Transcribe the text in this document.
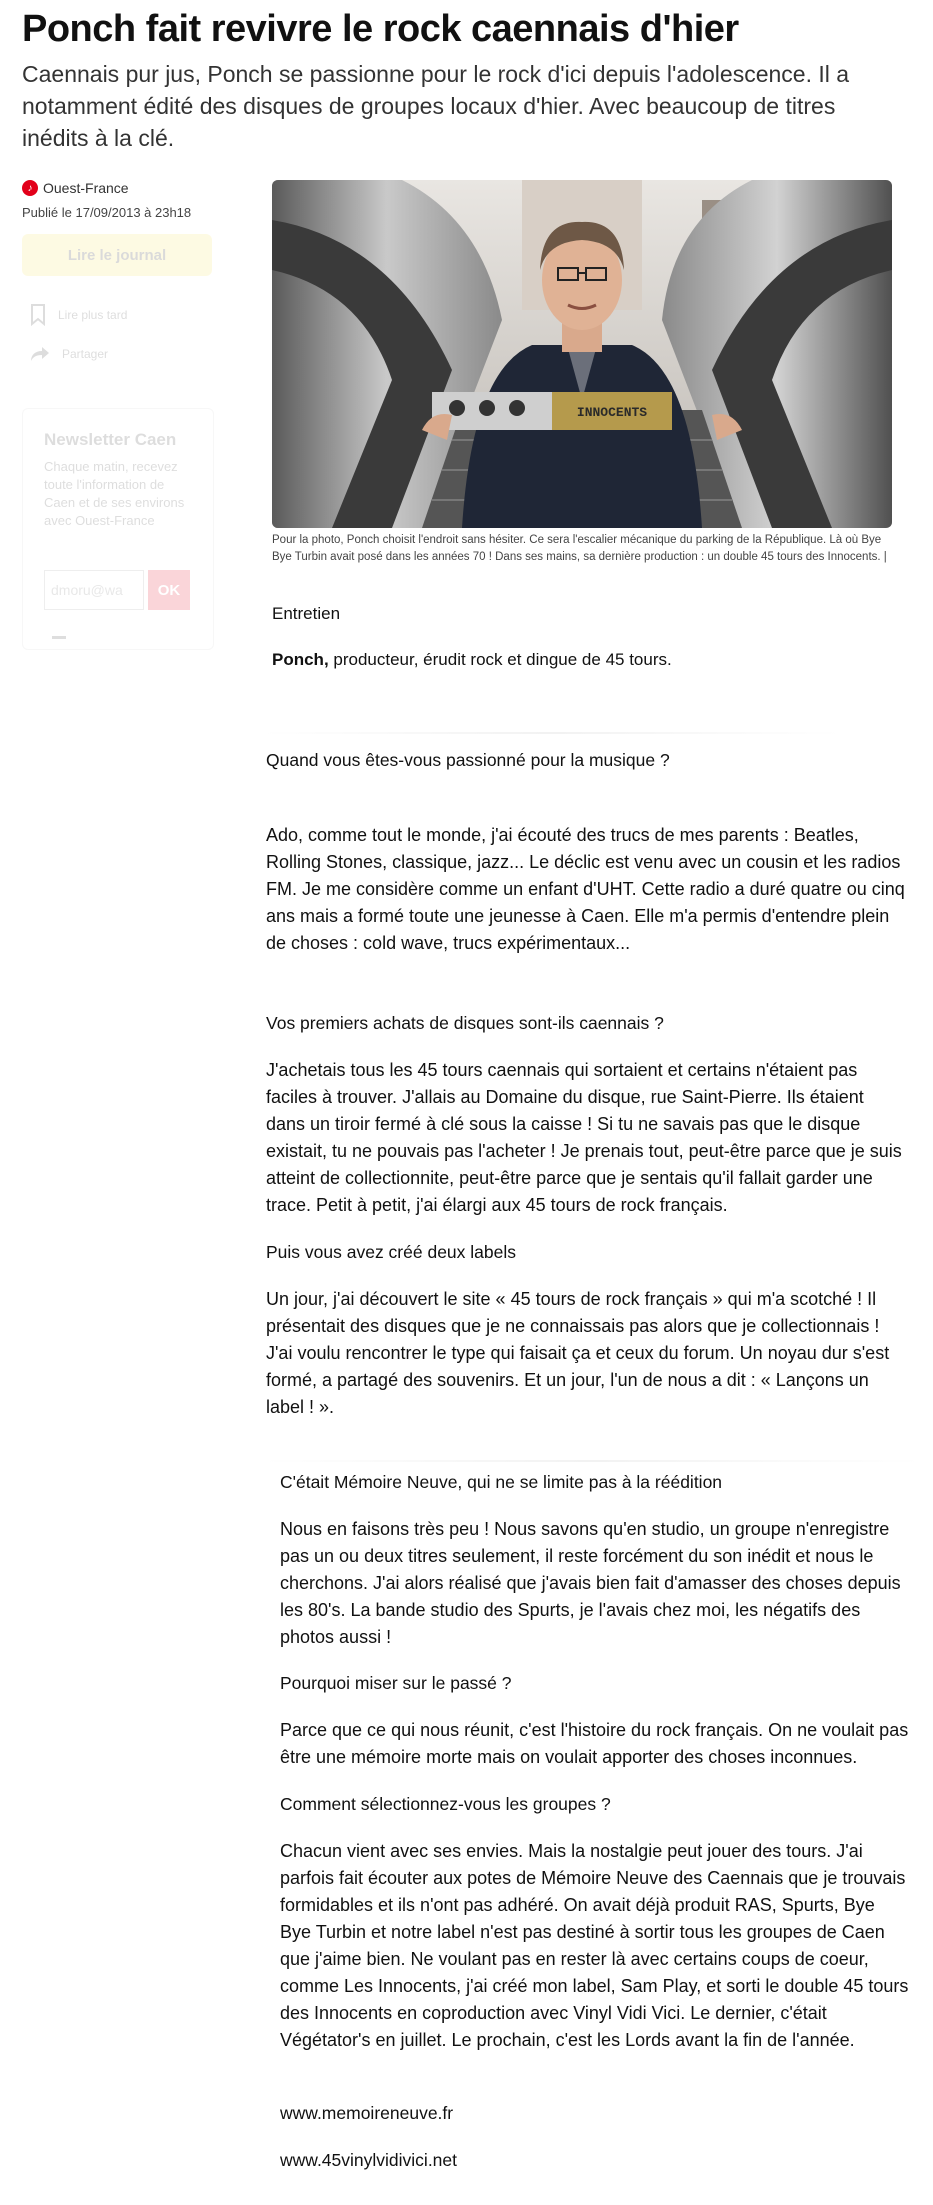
Ponch fait revivre le rock caennais d'hier

Caennais pur jus, Ponch se passionne pour le rock d'ici depuis l'adolescence. Il a notamment édité des disques de groupes locaux d'hier. Avec beaucoup de titres inédits à la clé.

♪ Ouest-France
Publié le 17/09/2013 à 23h18
Lire le journal
Lire plus tard
Partager
Newsletter Caen
Chaque matin, recevez toute l'information de Caen et de ses environs avec Ouest-France
dmoru@wa
OK
INNOCENTS

Pour la photo, Ponch choisit l'endroit sans hésiter. Ce sera l'escalier mécanique du parking de la République. Là où Bye Bye Turbin avait posé dans les années 70 ! Dans ses mains, sa dernière production : un double 45 tours des Innocents. |

Entretien
Ponch, producteur, érudit rock et dingue de 45 tours.

Quand vous êtes-vous passionné pour la musique ?

Ado, comme tout le monde, j'ai écouté des trucs de mes parents : Beatles, Rolling Stones, classique, jazz... Le déclic est venu avec un cousin et les radios FM. Je me considère comme un enfant d'UHT. Cette radio a duré quatre ou cinq ans mais a formé toute une jeunesse à Caen. Elle m'a permis d'entendre plein de choses : cold wave, trucs expérimentaux...

Vos premiers achats de disques sont-ils caennais ?

J'achetais tous les 45 tours caennais qui sortaient et certains n'étaient pas faciles à trouver. J'allais au Domaine du disque, rue Saint-Pierre. Ils étaient dans un tiroir fermé à clé sous la caisse ! Si tu ne savais pas que le disque existait, tu ne pouvais pas l'acheter ! Je prenais tout, peut-être parce que je suis atteint de collectionnite, peut-être parce que je sentais qu'il fallait garder une trace. Petit à petit, j'ai élargi aux 45 tours de rock français.

Puis vous avez créé deux labels

Un jour, j'ai découvert le site « 45 tours de rock français » qui m'a scotché ! Il présentait des disques que je ne connaissais pas alors que je collectionnais ! J'ai voulu rencontrer le type qui faisait ça et ceux du forum. Un noyau dur s'est formé, a partagé des souvenirs. Et un jour, l'un de nous a dit : « Lançons un label ! ».

C'était Mémoire Neuve, qui ne se limite pas à la réédition

Nous en faisons très peu ! Nous savons qu'en studio, un groupe n'enregistre pas un ou deux titres seulement, il reste forcément du son inédit et nous le cherchons. J'ai alors réalisé que j'avais bien fait d'amasser des choses depuis les 80's. La bande studio des Spurts, je l'avais chez moi, les négatifs des photos aussi !

Pourquoi miser sur le passé ?

Parce que ce qui nous réunit, c'est l'histoire du rock français. On ne voulait pas être une mémoire morte mais on voulait apporter des choses inconnues.

Comment sélectionnez-vous les groupes ?

Chacun vient avec ses envies. Mais la nostalgie peut jouer des tours. J'ai parfois fait écouter aux potes de Mémoire Neuve des Caennais que je trouvais formidables et ils n'ont pas adhéré. On avait déjà produit RAS, Spurts, Bye Bye Turbin et notre label n'est pas destiné à sortir tous les groupes de Caen que j'aime bien. Ne voulant pas en rester là avec certains coups de coeur, comme Les Innocents, j'ai créé mon label, Sam Play, et sorti le double 45 tours des Innocents en coproduction avec Vinyl Vidi Vici. Le dernier, c'était Végétator's en juillet. Le prochain, c'est les Lords avant la fin de l'année.

www.memoireneuve.fr

www.45vinylvidivici.net
